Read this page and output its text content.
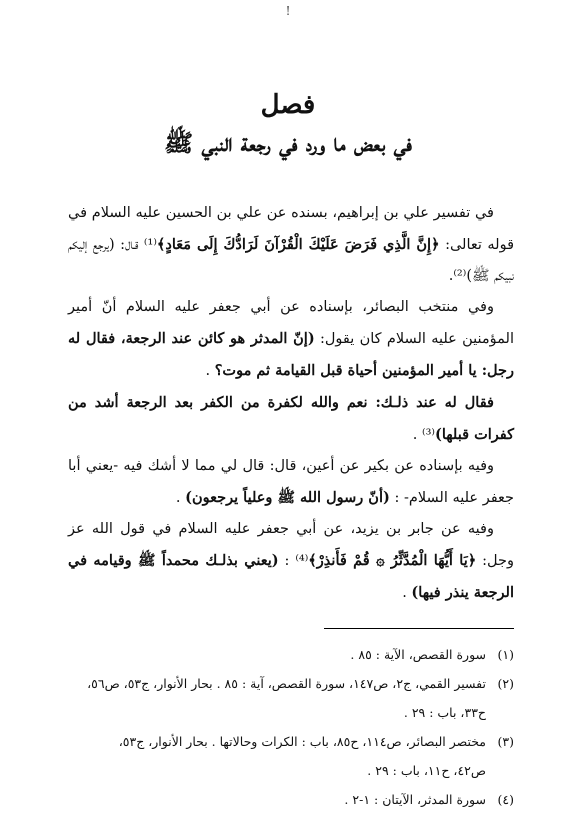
!
فصل
في بعض ما ورد في رجعة النبي ﷺ

في تفسير علي بن إبراهيم، بسنده عن علي بن الحسين عليه السلام في قوله تعالى: ﴿إِنَّ الَّذِي فَرَضَ عَلَيْكَ الْقُرْآنَ لَرَادُّكَ إِلَى مَعَادٍ﴾⁽¹⁾ قـال: (يرجع إليكم نبيكم ﷺ)⁽²⁾.

وفي منتخب البصائر، بإسناده عن أبي جعفر عليه السلام أنّ أمير المؤمنين عليه السلام كان يقول: (إنّ المدثر هو كائن عند الرجعة، فقال له رجل: يا أمير المؤمنين أحياة قبل القيامة ثم موت؟ .

فقال له عند ذلـك: نعم والله لكفرة من الكفر بعد الرجعة أشد من كفرات قبلها)⁽³⁾ .

وفيه بإسناده عن بكير عن أعين، قال: قال لي مما لا أشك فيه -يعني أبا جعفر عليه السلام- : (أنّ رسول الله ﷺ وعلياً يرجعون) .

وفيه عن جابر بن يزيد، عن أبي جعفر عليه السلام في قول الله عز وجل: ﴿يَا أَيُّهَا الْمُدَّثِّرُ ۞ قُمْ فَأَنذِرْ﴾⁽⁴⁾ : (يعني بذلـك محمداً ﷺ وقيامه في الرجعة ينذر فيها) .

(١)
سورة القصص، الآية : ٨٥ .
(٢)
تفسير القمي، ج٢، ص١٤٧، سورة القصص، آية : ٨٥ . بحار الأنوار، ج٥٣، ص٥٦،
ح٣٣، باب : ٢٩ .
(٣)
مختصر البصائر، ص١١٤، ح٨٥، باب : الكرات وحالاتها . بحار الأنوار، ج٥٣،
ص٤٢، ح١١، باب : ٢٩ .
(٤)
سورة المدثر، الآيتان : ١-٢ .
